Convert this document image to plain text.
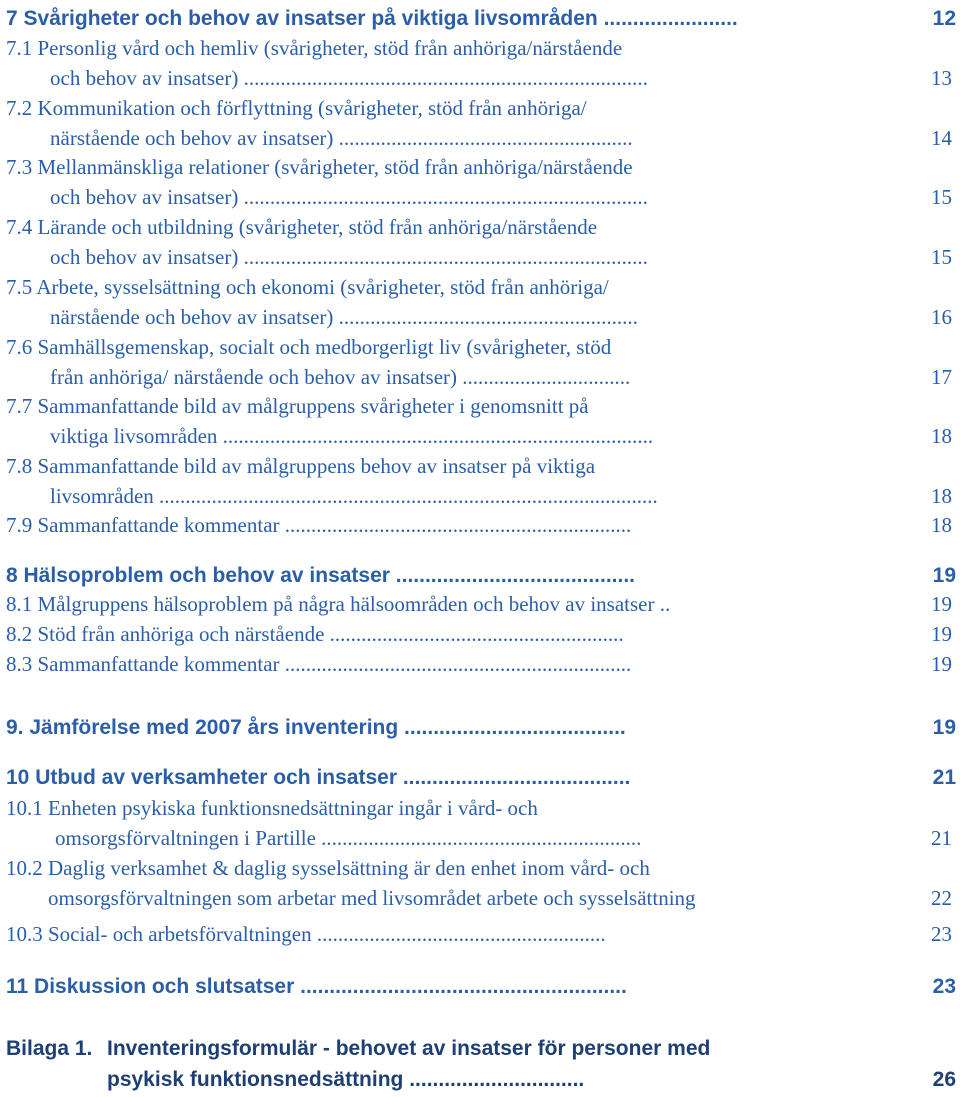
7 Svårigheter och behov av insatser på viktiga livsområden .......................	12
7.1 Personlig vård och hemliv (svårigheter, stöd från anhöriga/närstående
och behov av insatser) .............................................................................	13
7.2 Kommunikation och förflyttning (svårigheter, stöd från anhöriga/
närstående och behov av insatser) ........................................................	14
7.3 Mellanmänskliga relationer (svårigheter, stöd från anhöriga/närstående
och behov av insatser) .............................................................................	15
7.4 Lärande och utbildning (svårigheter, stöd från anhöriga/närstående
och behov av insatser) .............................................................................	15
7.5 Arbete, sysselsättning och ekonomi (svårigheter, stöd från anhöriga/
närstående och behov av insatser) .........................................................	16
7.6 Samhällsgemenskap, socialt och medborgerligt liv (svårigheter, stöd
från anhöriga/ närstående och behov av insatser) ................................	17
7.7 Sammanfattande bild av målgruppens svårigheter i genomsnitt på
viktiga livsområden ..................................................................................	18
7.8 Sammanfattande bild av målgruppens behov av insatser på viktiga
livsområden ...............................................................................................	18
7.9 Sammanfattande kommentar ..................................................................	18
8 Hälsoproblem och behov av insatser .........................................	19
8.1 Målgruppens hälsoproblem på några hälsoområden och behov av insatser ..	19
8.2 Stöd från anhöriga och närstående ........................................................	19
8.3 Sammanfattande kommentar ..................................................................	19
9. Jämförelse med 2007 års inventering ......................................	19
10 Utbud av verksamheter och insatser .......................................	21
10.1 Enheten psykiska funktionsnedsättningar ingår i vård- och
omsorgsförvaltningen i Partille .............................................................	21
10.2 Daglig verksamhet & daglig sysselsättning är den enhet inom vård- och
omsorgsförvaltningen som arbetar med livsområdet arbete och sysselsättning	22
10.3 Social- och arbetsförvaltningen .......................................................	23
11 Diskussion och slutsatser ........................................................	23
Bilaga 1. Inventeringsformulär - behovet av insatser för personer med
psykisk funktionsnedsättning ..............................	26
